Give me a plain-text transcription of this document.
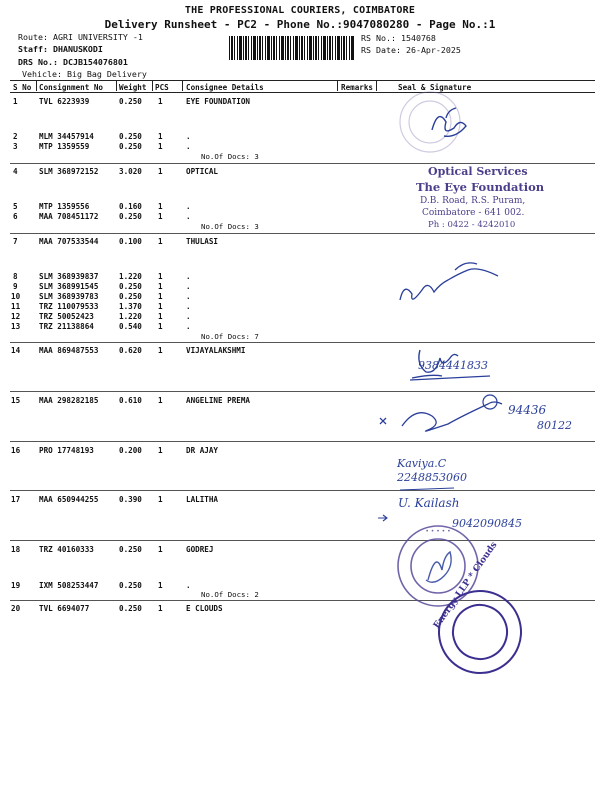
THE PROFESSIONAL COURIERS, COIMBATORE
Delivery Runsheet - PC2 - Phone No.:9047080280 - Page No.:1
Route: AGRI UNIVERSITY -1
Staff: DHANUSKODI
DRS No.: DCJB154076801
Vehicle: Big Bag Delivery
RS No.: 1540768
RS Date: 26-Apr-2025
S No Consignment No Weight PCS Consignee Details	Remarks	Seal & Signature
1	TVL 6223939	0.250 1	EYE FOUNDATION
2	MLM 34457914	0.250 1	.
3	MTP 1359559	0.250 1	.
No.Of Docs: 3
4	SLM 368972152	3.020 1	OPTICAL
5	MTP 1359556	0.160 1	.
6	MAA 708451172	0.250 1	.
No.Of Docs: 3
7	MAA 707533544	0.100 1	THULASI
8	SLM 368939837	1.220 1	.
9	SLM 368991545	0.250 1	.
10 SLM 368939783	0.250 1	.
11 TRZ 110079533	1.370 1	.
12 TRZ 50052423	1.220 1	.
13 TRZ 21138864	0.540 1	.
No.Of Docs: 7
14 MAA 869487553	0.620 1	VIJAYALAKSHMI
15 MAA 298282185	0.610 1	ANGELINE PREMA
16 PRO 17748193	0.200 1	DR AJAY
17 MAA 650944255	0.390 1	LALITHA
18 TRZ 40160333	0.250 1	GODREJ
19 IXM 508253447	0.250 1	.
No.Of Docs: 2
20 TVL 6694077	0.250 1	E CLOUDS
Optical Services
The Eye Foundation
D.B. Road, R.S. Puram,
Coimbatore - 641 002.
Ph : 0422 - 4242010
9384441833
94436
80122
Kaviya.C
2248853060
U. Kailash
9042090845
• • • • •
Energy LLP * Clouds
